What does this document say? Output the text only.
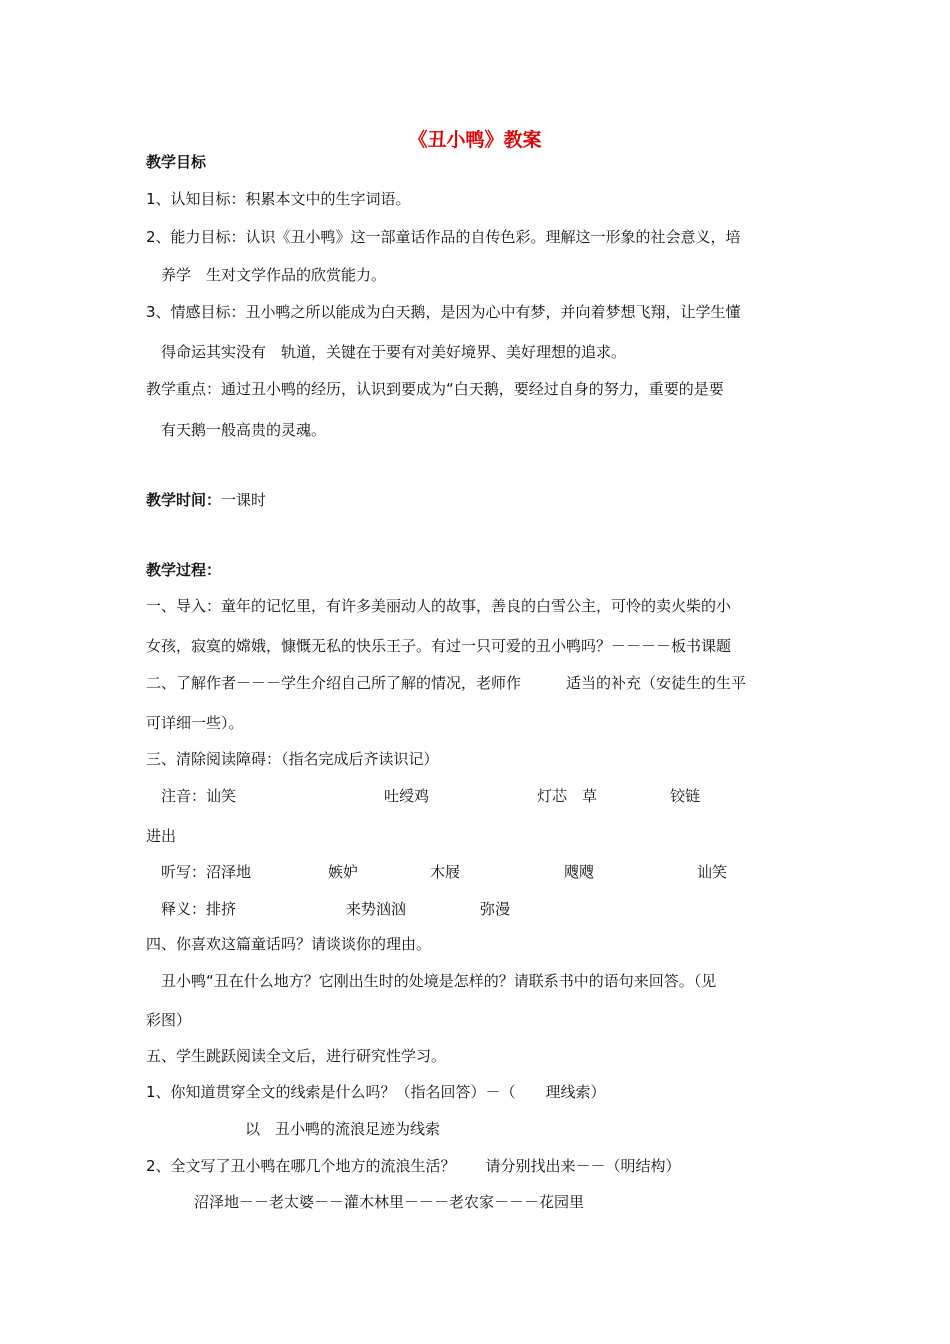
《丑小鸭》教案
教学目标
1、认知目标：积累本文中的生字词语。
2、能力目标：认识《丑小鸭》这一部童话作品的自传色彩。理解这一形象的社会意义，培
养学　生对文学作品的欣赏能力。
3、情感目标：丑小鸭之所以能成为白天鹅，是因为心中有梦，并向着梦想飞翔，让学生懂
得命运其实没有　轨道，关键在于要有对美好境界、美好理想的追求。
教学重点：通过丑小鸭的经历，认识到要成为“白天鹅，要经过自身的努力，重要的是要
有天鹅一般高贵的灵魂。
教学时间：一课时
教学过程：
一、导入：童年的记忆里，有许多美丽动人的故事，善良的白雪公主，可怜的卖火柴的小
女孩，寂寞的嫦娥，慷慨无私的快乐王子。有过一只可爱的丑小鸭吗？－－－－板书课题
二、了解作者－－－学生介绍自己所了解的情况，老师作　　　适当的补充（安徒生的生平
可详细一些）。
三、清除阅读障碍：（指名完成后齐读识记）
注音：讪笑	吐绶鸡	灯芯　草	铰链
进出
听写：沼泽地	嫉妒	木屐	飕飕	讪笑
释义：排挤	来势汹汹	弥漫
四、你喜欢这篇童话吗？请谈谈你的理由。
丑小鸭“丑在什么地方？它刚出生时的处境是怎样的？请联系书中的语句来回答。（见
彩图）
五、学生跳跃阅读全文后，进行研究性学习。
1、你知道贯穿全文的线索是什么吗？（指名回答）－（　　理线索）
以　丑小鸭的流浪足迹为线索
2、全文写了丑小鸭在哪几个地方的流浪生活？　　请分别找出来－－（明结构）
沼泽地－－老太婆－－灌木林里－－－老农家－－－花园里
